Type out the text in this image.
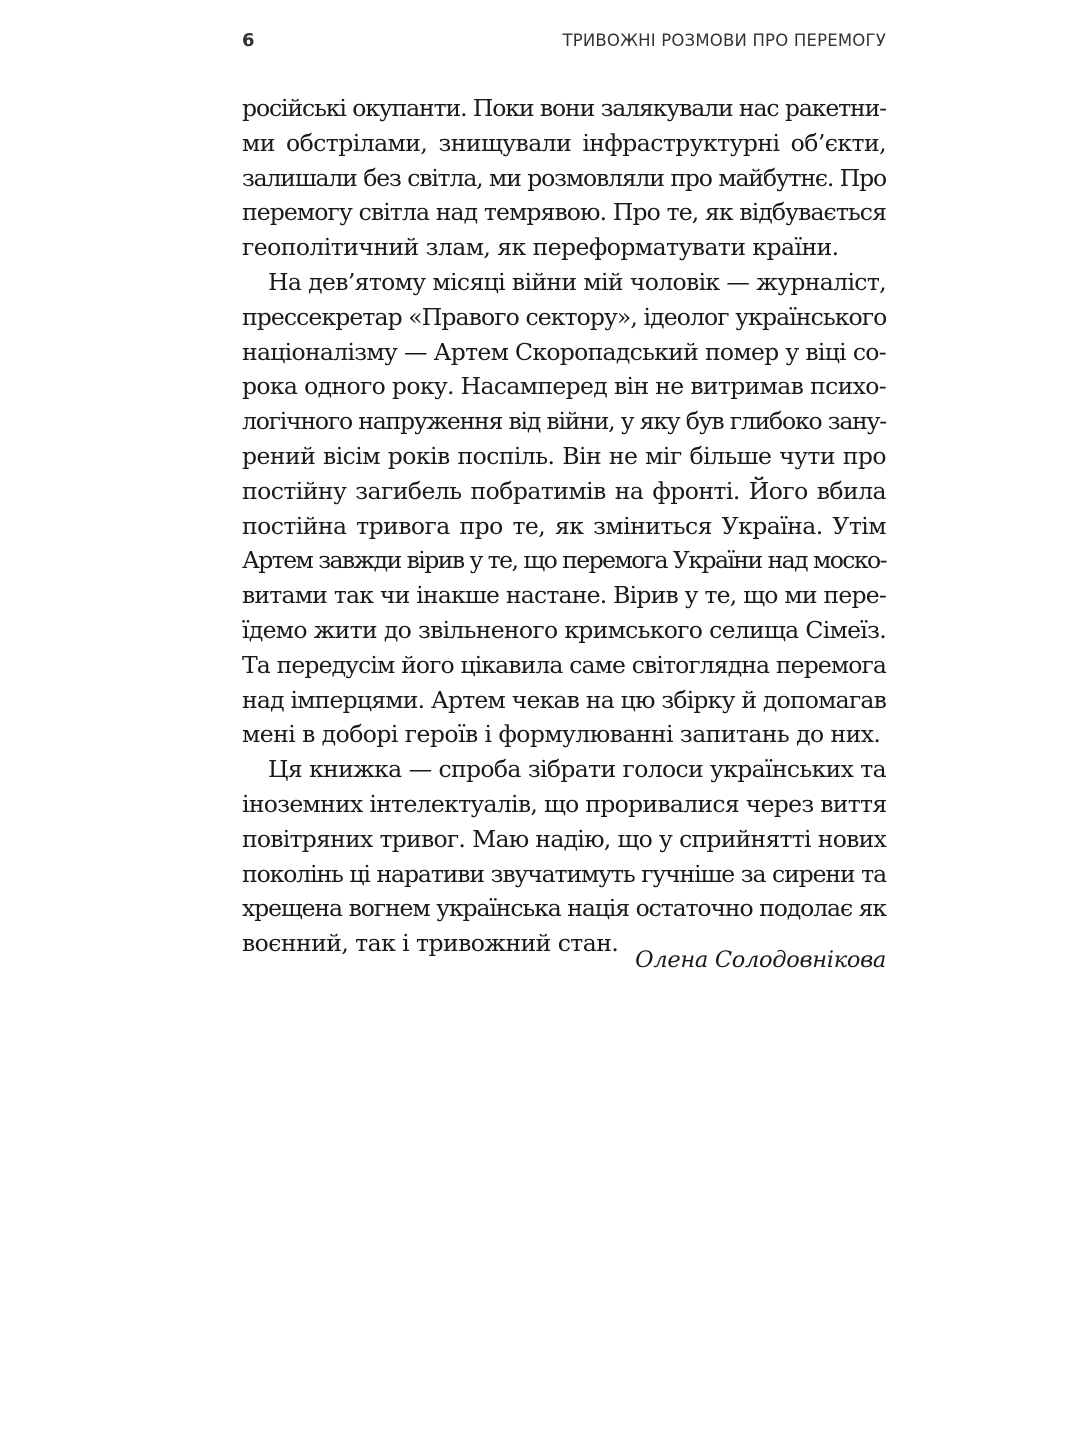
6	ТРИВОЖНІ РОЗМОВИ ПРО ПЕРЕМОГУ
російські окупанти. Поки вони залякували нас ракетни-
ми обстрілами, знищували інфраструктурні об’єкти,
залишали без світла, ми розмовляли про майбутнє. Про
перемогу світла над темрявою. Про те, як відбувається
геополітичний злам, як переформатувати країни.
На дев’ятому місяці війни мій чоловік — журналіст,
прессекретар «Правого сектору», ідеолог українського
націоналізму — Артем Скоропадський помер у віці со-
рока одного року. Насамперед він не витримав психо-
логічного напруження від війни, у яку був глибоко зану-
рений вісім років поспіль. Він не міг більше чути про
постійну загибель побратимів на фронті. Його вбила
постійна тривога про те, як зміниться Україна. Утім
Артем завжди вірив у те, що перемога України над моско-
витами так чи інакше настане. Вірив у те, що ми пере-
їдемо жити до звільненого кримського селища Сімеїз.
Та передусім його цікавила саме світоглядна перемога
над імперцями. Артем чекав на цю збірку й допомагав
мені в доборі героїв і формулюванні запитань до них.
Ця книжка — спроба зібрати голоси українських та
іноземних інтелектуалів, що проривалися через виття
повітряних тривог. Маю надію, що у сприйнятті нових
поколінь ці наративи звучатимуть гучніше за сирени та
хрещена вогнем українська нація остаточно подолає як
воєнний, так і тривожний стан.
Олена Солодовнікова
